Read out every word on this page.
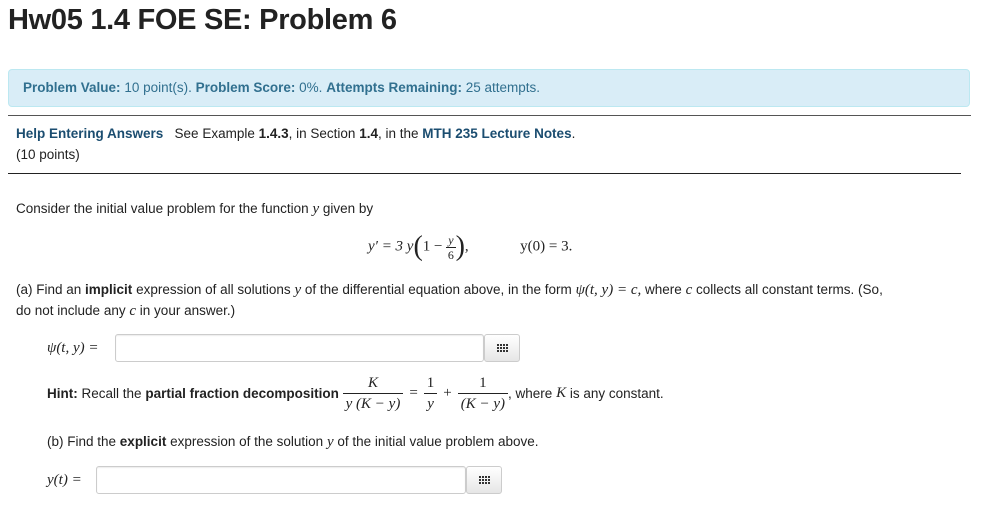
Hw05 1.4 FOE SE: Problem 6
Problem Value: 10 point(s). Problem Score: 0%. Attempts Remaining: 25 attempts.
Help Entering Answers See Example 1.4.3, in Section 1.4, in the MTH 235 Lecture Notes.
(10 points)
Consider the initial value problem for the function y given by
y′ = 3 $y(1 - \frac{y}{6}$ ),	y(0) = 3.
(a) Find an implicit expression of all solutions y of the differential equation above, in the form ψ(t, y) = c, where c collects all constant terms. (So,
do not include any c in your answer.)
ψ(t, y) =
Hint:
Recall the
partial fraction decomposition
$\frac{K}{y (K - y)} = \frac{1}{y} + \frac{1}{(K - y)}$ , where
K
is any constant.
(b) Find the explicit expression of the solution y of the initial value problem above.
y(t) =
